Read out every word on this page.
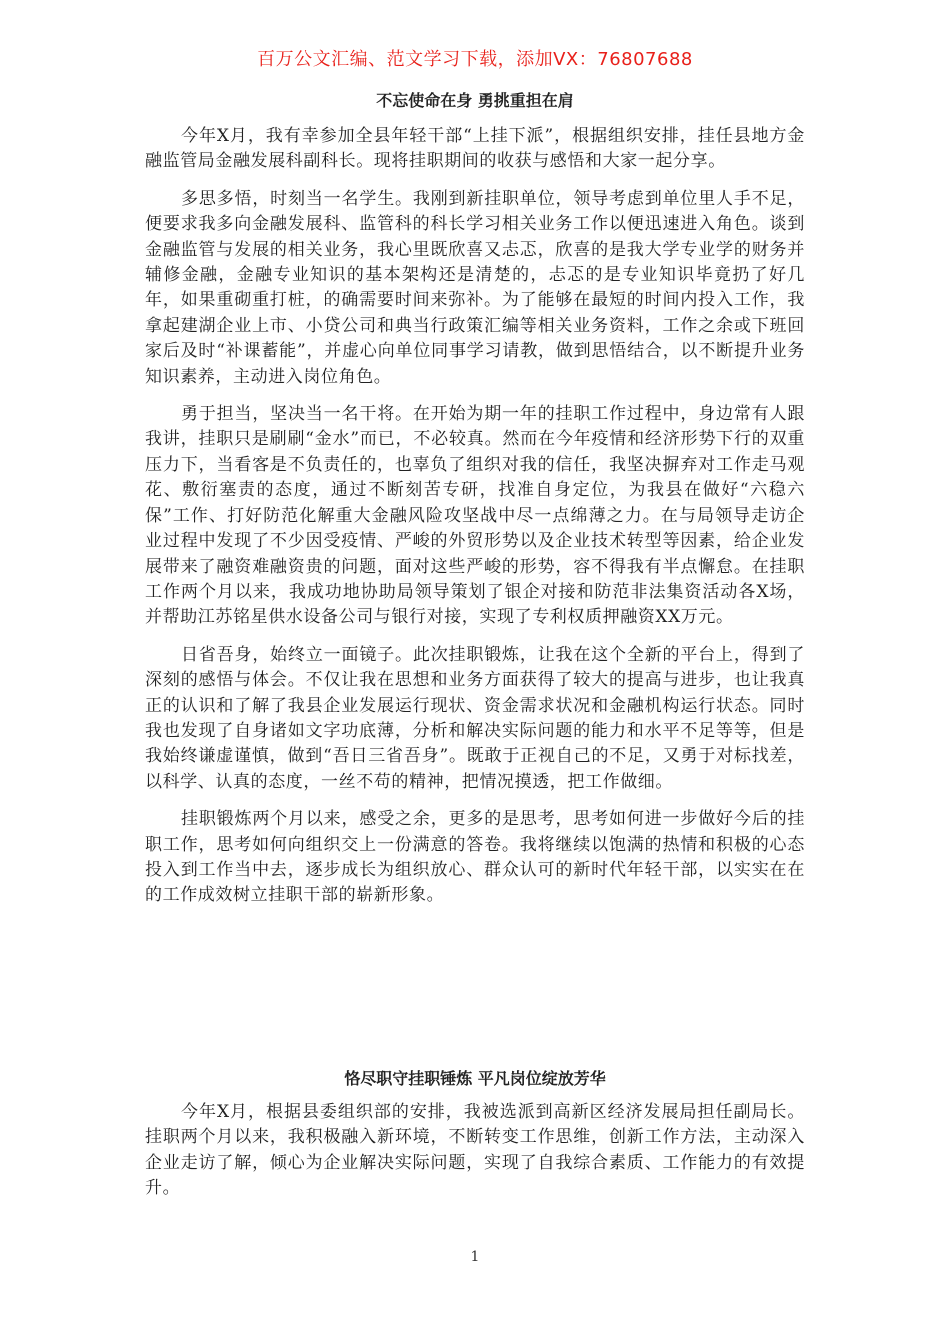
百万公文汇编、范文学习下载，添加VX：76807688
不忘使命在身 勇挑重担在肩

今年X月，我有幸参加全县年轻干部“上挂下派”，根据组织安排，挂任县地方金融监管局金融发展科副科长。现将挂职期间的收获与感悟和大家一起分享。

多思多悟，时刻当一名学生。我刚到新挂职单位，领导考虑到单位里人手不足，便要求我多向金融发展科、监管科的科长学习相关业务工作以便迅速进入角色。谈到金融监管与发展的相关业务，我心里既欣喜又忐忑，欣喜的是我大学专业学的财务并辅修金融，金融专业知识的基本架构还是清楚的，忐忑的是专业知识毕竟扔了好几年，如果重砌重打桩，的确需要时间来弥补。为了能够在最短的时间内投入工作，我拿起建湖企业上市、小贷公司和典当行政策汇编等相关业务资料，工作之余或下班回家后及时“补课蓄能”，并虚心向单位同事学习请教，做到思悟结合，以不断提升业务知识素养，主动进入岗位角色。

勇于担当，坚决当一名干将。在开始为期一年的挂职工作过程中，身边常有人跟我讲，挂职只是刷刷“金水”而已，不必较真。然而在今年疫情和经济形势下行的双重压力下，当看客是不负责任的，也辜负了组织对我的信任，我坚决摒弃对工作走马观花、敷衍塞责的态度，通过不断刻苦专研，找准自身定位，为我县在做好“六稳六保”工作、打好防范化解重大金融风险攻坚战中尽一点绵薄之力。在与局领导走访企业过程中发现了不少因受疫情、严峻的外贸形势以及企业技术转型等因素，给企业发展带来了融资难融资贵的问题，面对这些严峻的形势，容不得我有半点懈怠。在挂职工作两个月以来，我成功地协助局领导策划了银企对接和防范非法集资活动各X场，并帮助江苏铭星供水设备公司与银行对接，实现了专利权质押融资XX万元。

日省吾身，始终立一面镜子。此次挂职锻炼，让我在这个全新的平台上，得到了深刻的感悟与体会。不仅让我在思想和业务方面获得了较大的提高与进步，也让我真正的认识和了解了我县企业发展运行现状、资金需求状况和金融机构运行状态。同时我也发现了自身诸如文字功底薄，分析和解决实际问题的能力和水平不足等等，但是我始终谦虚谨慎，做到“吾日三省吾身”。既敢于正视自己的不足，又勇于对标找差，以科学、认真的态度，一丝不苟的精神，把情况摸透，把工作做细。

挂职锻炼两个月以来，感受之余，更多的是思考，思考如何进一步做好今后的挂职工作，思考如何向组织交上一份满意的答卷。我将继续以饱满的热情和积极的心态投入到工作当中去，逐步成长为组织放心、群众认可的新时代年轻干部，以实实在在的工作成效树立挂职干部的崭新形象。

恪尽职守挂职锤炼 平凡岗位绽放芳华

今年X月，根据县委组织部的安排，我被选派到高新区经济发展局担任副局长。挂职两个月以来，我积极融入新环境，不断转变工作思维，创新工作方法，主动深入企业走访了解，倾心为企业解决实际问题，实现了自我综合素质、工作能力的有效提升。

1
